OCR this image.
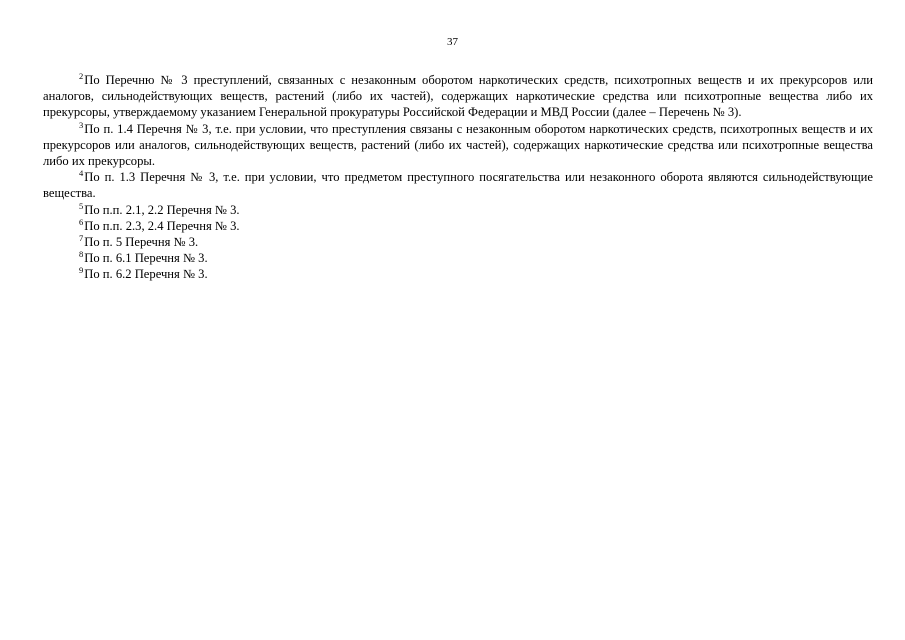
37

$^2$По Перечню № 3 преступлений, связанных с незаконным оборотом наркотических средств, психотропных веществ и их прекурсоров или аналогов, сильнодействующих веществ, растений (либо их частей), содержащих наркотические средства или психотропные вещества либо их прекурсоры, утверждаемому указанием Генеральной прокуратуры Российской Федерации и МВД России (далее – Перечень № 3).

$^3$По п. 1.4 Перечня № 3, т.е. при условии, что преступления связаны с незаконным оборотом наркотических средств, психотропных веществ и их прекурсоров или аналогов, сильнодействующих веществ, растений (либо их частей), содержащих наркотические средства или психотропные вещества либо их прекурсоры.

$^4$По п. 1.3 Перечня № 3, т.е. при условии, что предметом преступного посягательства или незаконного оборота являются сильнодействующие вещества.

$^5$По п.п. 2.1, 2.2 Перечня № 3.

$^6$По п.п. 2.3, 2.4 Перечня № 3.

$^7$По п. 5 Перечня № 3.

$^8$По п. 6.1 Перечня № 3.

$^9$По п. 6.2 Перечня № 3.
